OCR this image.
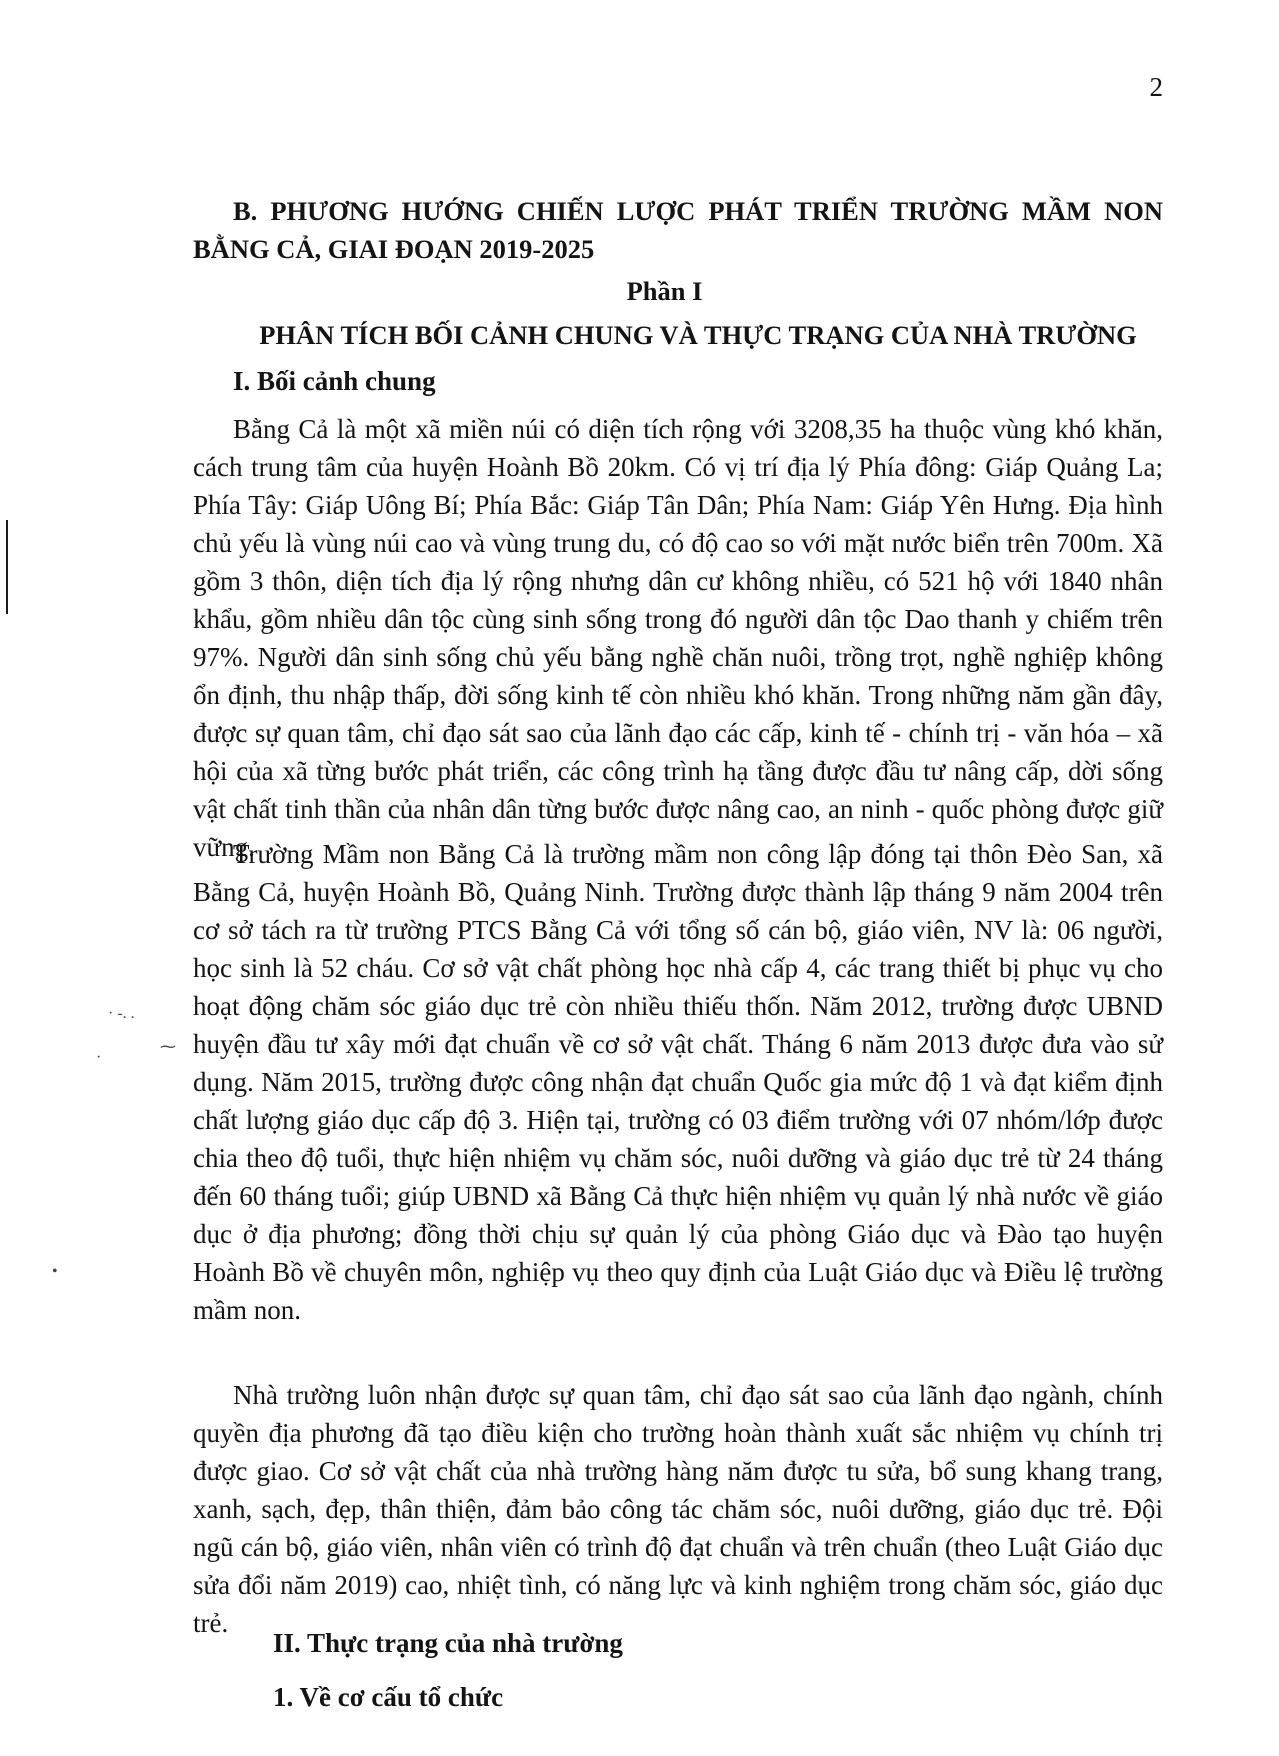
2

B. PHƯƠNG HƯỚNG CHIẾN LƯỢC PHÁT TRIỂN TRƯỜNG MẦM NON BẰNG CẢ, GIAI ĐOẠN 2019-2025

Phần I
PHÂN TÍCH BỐI CẢNH CHUNG VÀ THỰC TRẠNG CỦA NHÀ TRƯỜNG
I. Bối cảnh chung

Bằng Cả là một xã miền núi có diện tích rộng với 3208,35 ha thuộc vùng khó khăn, cách trung tâm của huyện Hoành Bồ 20km. Có vị trí địa lý Phía đông: Giáp Quảng La; Phía Tây: Giáp Uông Bí; Phía Bắc: Giáp Tân Dân; Phía Nam: Giáp Yên Hưng. Địa hình chủ yếu là vùng núi cao và vùng trung du, có độ cao so với mặt nước biển trên 700m. Xã gồm 3 thôn, diện tích địa lý rộng nhưng dân cư không nhiều, có 521 hộ với 1840 nhân khẩu, gồm nhiều dân tộc cùng sinh sống trong đó người dân tộc Dao thanh y chiếm trên 97%. Người dân sinh sống chủ yếu bằng nghề chăn nuôi, trồng trọt, nghề nghiệp không ổn định, thu nhập thấp, đời sống kinh tế còn nhiều khó khăn. Trong những năm gần đây, được sự quan tâm, chỉ đạo sát sao của lãnh đạo các cấp, kinh tế - chính trị - văn hóa – xã hội của xã từng bước phát triển, các công trình hạ tầng được đầu tư nâng cấp, dời sống vật chất tinh thần của nhân dân từng bước được nâng cao, an ninh - quốc phòng được giữ vững.

Trường Mầm non Bằng Cả là trường mầm non công lập đóng tại thôn Đèo San, xã Bằng Cả, huyện Hoành Bồ, Quảng Ninh. Trường được thành lập tháng 9 năm 2004 trên cơ sở tách ra từ trường PTCS Bằng Cả với tổng số cán bộ, giáo viên, NV là: 06 người, học sinh là 52 cháu. Cơ sở vật chất phòng học nhà cấp 4, các trang thiết bị phục vụ cho hoạt động chăm sóc giáo dục trẻ còn nhiều thiếu thốn. Năm 2012, trường được UBND huyện đầu tư xây mới đạt chuẩn về cơ sở vật chất. Tháng 6 năm 2013 được đưa vào sử dụng. Năm 2015, trường được công nhận đạt chuẩn Quốc gia mức độ 1 và đạt kiểm định chất lượng giáo dục cấp độ 3. Hiện tại, trường có 03 điểm trường với 07 nhóm/lớp được chia theo độ tuổi, thực hiện nhiệm vụ chăm sóc, nuôi dưỡng và giáo dục trẻ từ 24 tháng đến 60 tháng tuổi; giúp UBND xã Bằng Cả thực hiện nhiệm vụ quản lý nhà nước về giáo dục ở địa phương; đồng thời chịu sự quản lý của phòng Giáo dục và Đào tạo huyện Hoành Bồ về chuyên môn, nghiệp vụ theo quy định của Luật Giáo dục và Điều lệ trường mầm non.

Nhà trường luôn nhận được sự quan tâm, chỉ đạo sát sao của lãnh đạo ngành, chính quyền địa phương đã tạo điều kiện cho trường hoàn thành xuất sắc nhiệm vụ chính trị được giao. Cơ sở vật chất của nhà trường hàng năm được tu sửa, bổ sung khang trang, xanh, sạch, đẹp, thân thiện, đảm bảo công tác chăm sóc, nuôi dưỡng, giáo dục trẻ. Đội ngũ cán bộ, giáo viên, nhân viên có trình độ đạt chuẩn và trên chuẩn (theo Luật Giáo dục sửa đổi năm 2019) cao, nhiệt tình, có năng lực và kinh nghiệm trong chăm sóc, giáo dục trẻ.

II. Thực trạng của nhà trường
1. Về cơ cấu tổ chức
· -. .
·
⁓
•
